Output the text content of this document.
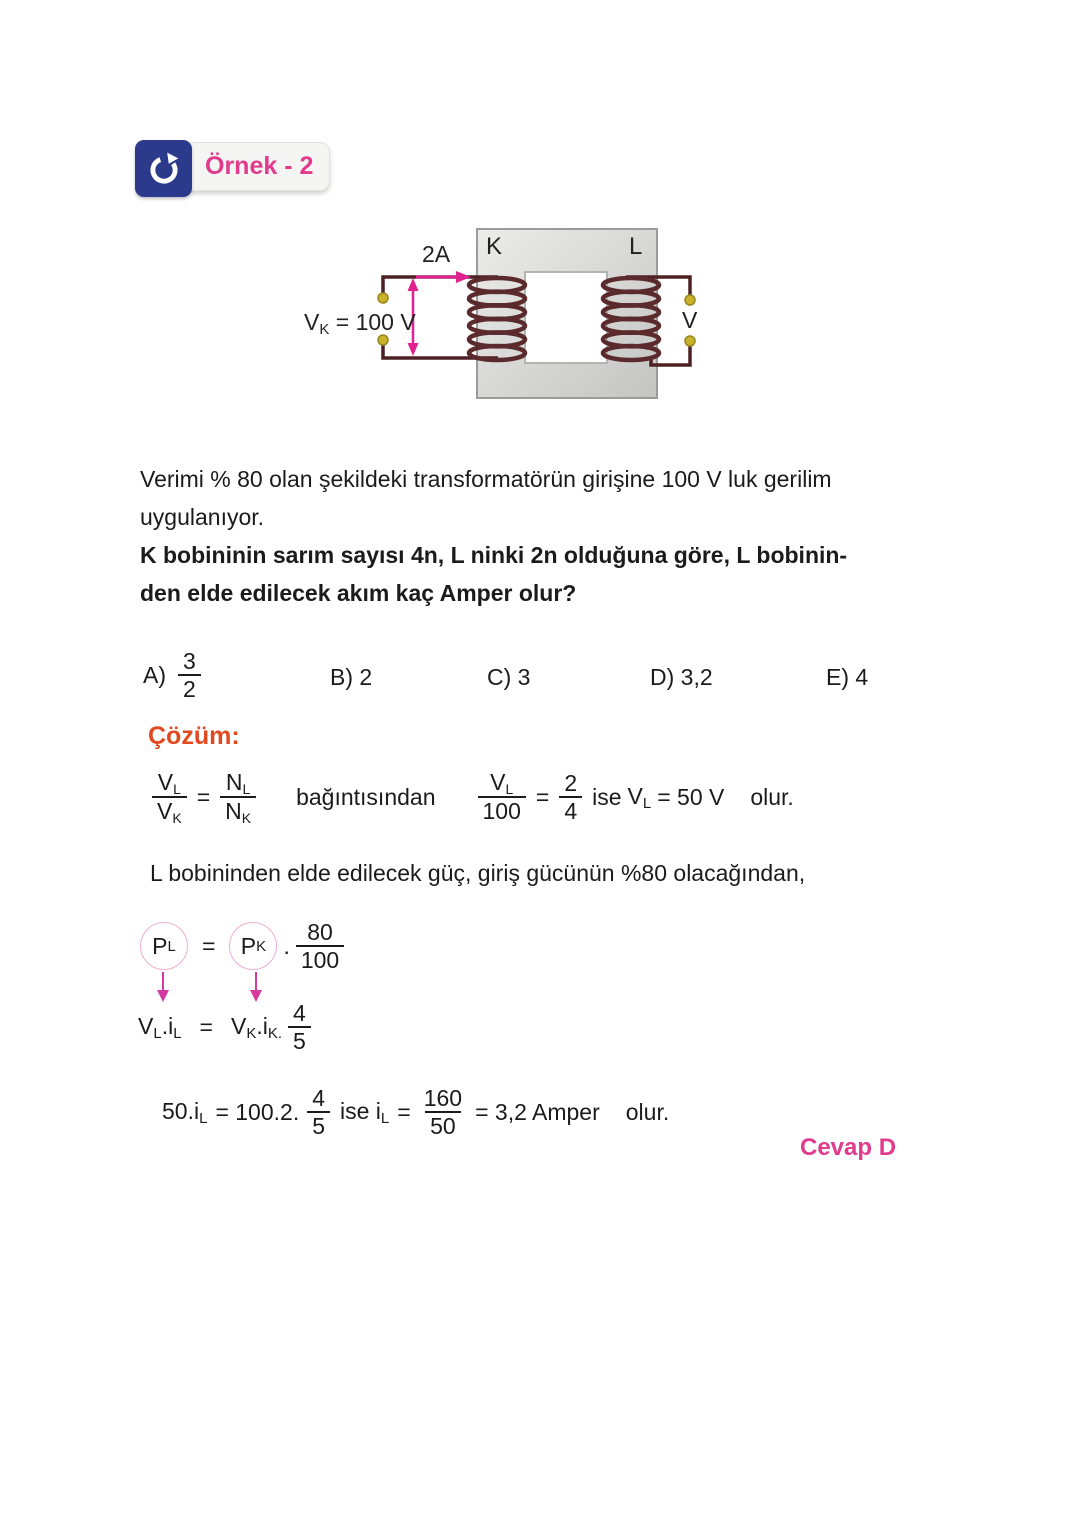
Örnek - 2
K	L
2A
VK = 100 V	V
Verimi % 80 olan şekildeki transformatörün girişine 100 V luk gerilim
uygulanıyor.
K bobininin sarım sayısı 4n, L ninki 2n olduğuna göre, L bobinin-
den elde edilecek akım kaç Amper olur?
$A) \frac{3}{2}$	B) 2	C) 3	D) 3,2	E) 4
Çözüm:
$\frac{VL}{VK} = \frac{NL}{NK}$ bağıntısından $\frac{VL}{100} = \frac{2}{4}$ ise VL = 50 V olur.
L bobininden elde edilecek güç, giriş gücünün %80 olacağından,
P L = P K .
80
100
VL.iL = VK.iK.
4
5
50.iL = 100.2.
4
5
ise iL = $\frac{160}{50} = 3,2$ Amper olur.
Cevap D
